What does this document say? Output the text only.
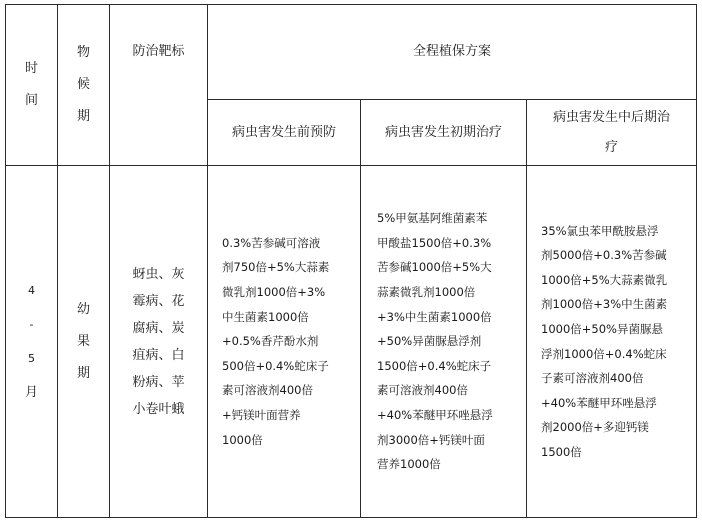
时
间
物
候
期
防治靶标	全程植保方案
病虫害发生前预防	病虫害发生初期治疗
病虫害发生中后期治
疗
4
-
5
月
幼
果
期
蚜虫、灰
霉病、花
腐病、炭
疽病、白
粉病、苹
小卷叶蛾
0.3%苦参碱可溶液
剂750倍+5%大蒜素
微乳剂1000倍+3%
中生菌素1000倍
+0.5%香芹酚水剂
500倍+0.4%蛇床子
素可溶液剂400倍
+钙镁叶面营养
1000倍
5%甲氨基阿维菌素苯
甲酸盐1500倍+0.3%
苦参碱1000倍+5%大
蒜素微乳剂1000倍
+3%中生菌素1000倍
+50%异菌脲悬浮剂
1500倍+0.4%蛇床子
素可溶液剂400倍
+40%苯醚甲环唑悬浮
剂3000倍+钙镁叶面
营养1000倍
35%氯虫苯甲酰胺悬浮
剂5000倍+0.3%苦参碱
1000倍+5%大蒜素微乳
剂1000倍+3%中生菌素
1000倍+50%异菌脲悬
浮剂1000倍+0.4%蛇床
子素可溶液剂400倍
+40%苯醚甲环唑悬浮
剂2000倍+多迎钙镁
1500倍
